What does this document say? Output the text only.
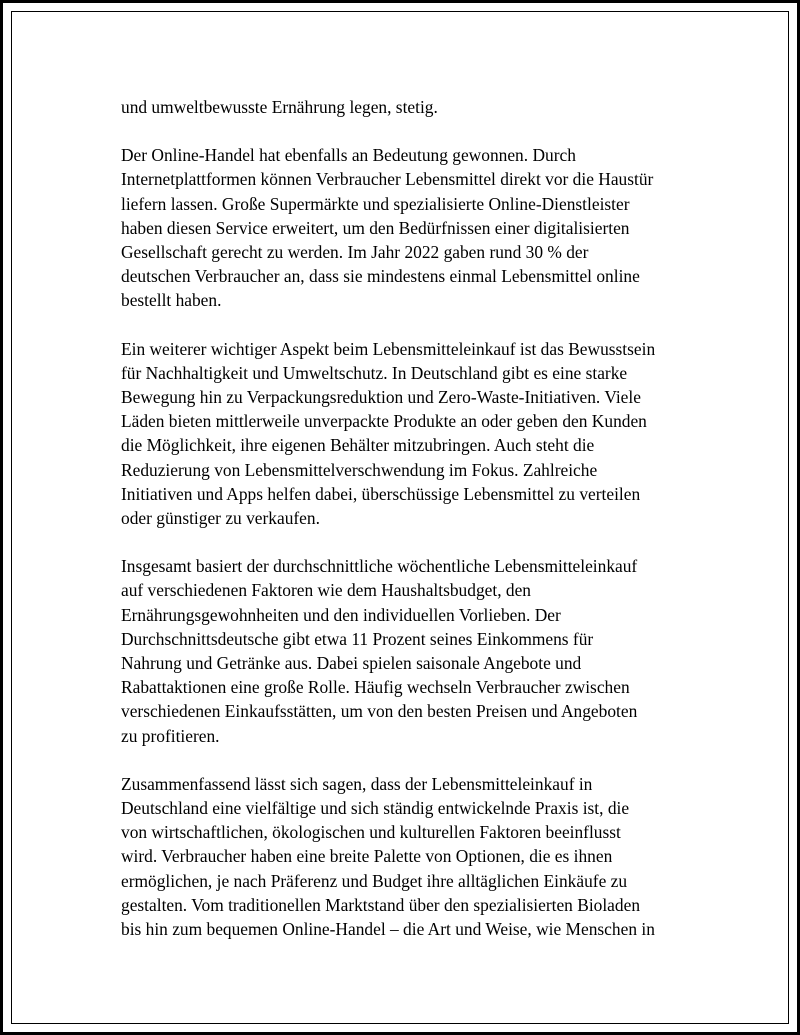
und umweltbewusste Ernährung legen, stetig.

Der Online-Handel hat ebenfalls an Bedeutung gewonnen. Durch
Internetplattformen können Verbraucher Lebensmittel direkt vor die Haustür
liefern lassen. Große Supermärkte und spezialisierte Online-Dienstleister
haben diesen Service erweitert, um den Bedürfnissen einer digitalisierten
Gesellschaft gerecht zu werden. Im Jahr 2022 gaben rund 30 % der
deutschen Verbraucher an, dass sie mindestens einmal Lebensmittel online
bestellt haben.

Ein weiterer wichtiger Aspekt beim Lebensmitteleinkauf ist das Bewusstsein
für Nachhaltigkeit und Umweltschutz. In Deutschland gibt es eine starke
Bewegung hin zu Verpackungsreduktion und Zero-Waste-Initiativen. Viele
Läden bieten mittlerweile unverpackte Produkte an oder geben den Kunden
die Möglichkeit, ihre eigenen Behälter mitzubringen. Auch steht die
Reduzierung von Lebensmittelverschwendung im Fokus. Zahlreiche
Initiativen und Apps helfen dabei, überschüssige Lebensmittel zu verteilen
oder günstiger zu verkaufen.

Insgesamt basiert der durchschnittliche wöchentliche Lebensmitteleinkauf
auf verschiedenen Faktoren wie dem Haushaltsbudget, den
Ernährungsgewohnheiten und den individuellen Vorlieben. Der
Durchschnittsdeutsche gibt etwa 11 Prozent seines Einkommens für
Nahrung und Getränke aus. Dabei spielen saisonale Angebote und
Rabattaktionen eine große Rolle. Häufig wechseln Verbraucher zwischen
verschiedenen Einkaufsstätten, um von den besten Preisen und Angeboten
zu profitieren.

Zusammenfassend lässt sich sagen, dass der Lebensmitteleinkauf in
Deutschland eine vielfältige und sich ständig entwickelnde Praxis ist, die
von wirtschaftlichen, ökologischen und kulturellen Faktoren beeinflusst
wird. Verbraucher haben eine breite Palette von Optionen, die es ihnen
ermöglichen, je nach Präferenz und Budget ihre alltäglichen Einkäufe zu
gestalten. Vom traditionellen Marktstand über den spezialisierten Bioladen
bis hin zum bequemen Online-Handel – die Art und Weise, wie Menschen in
